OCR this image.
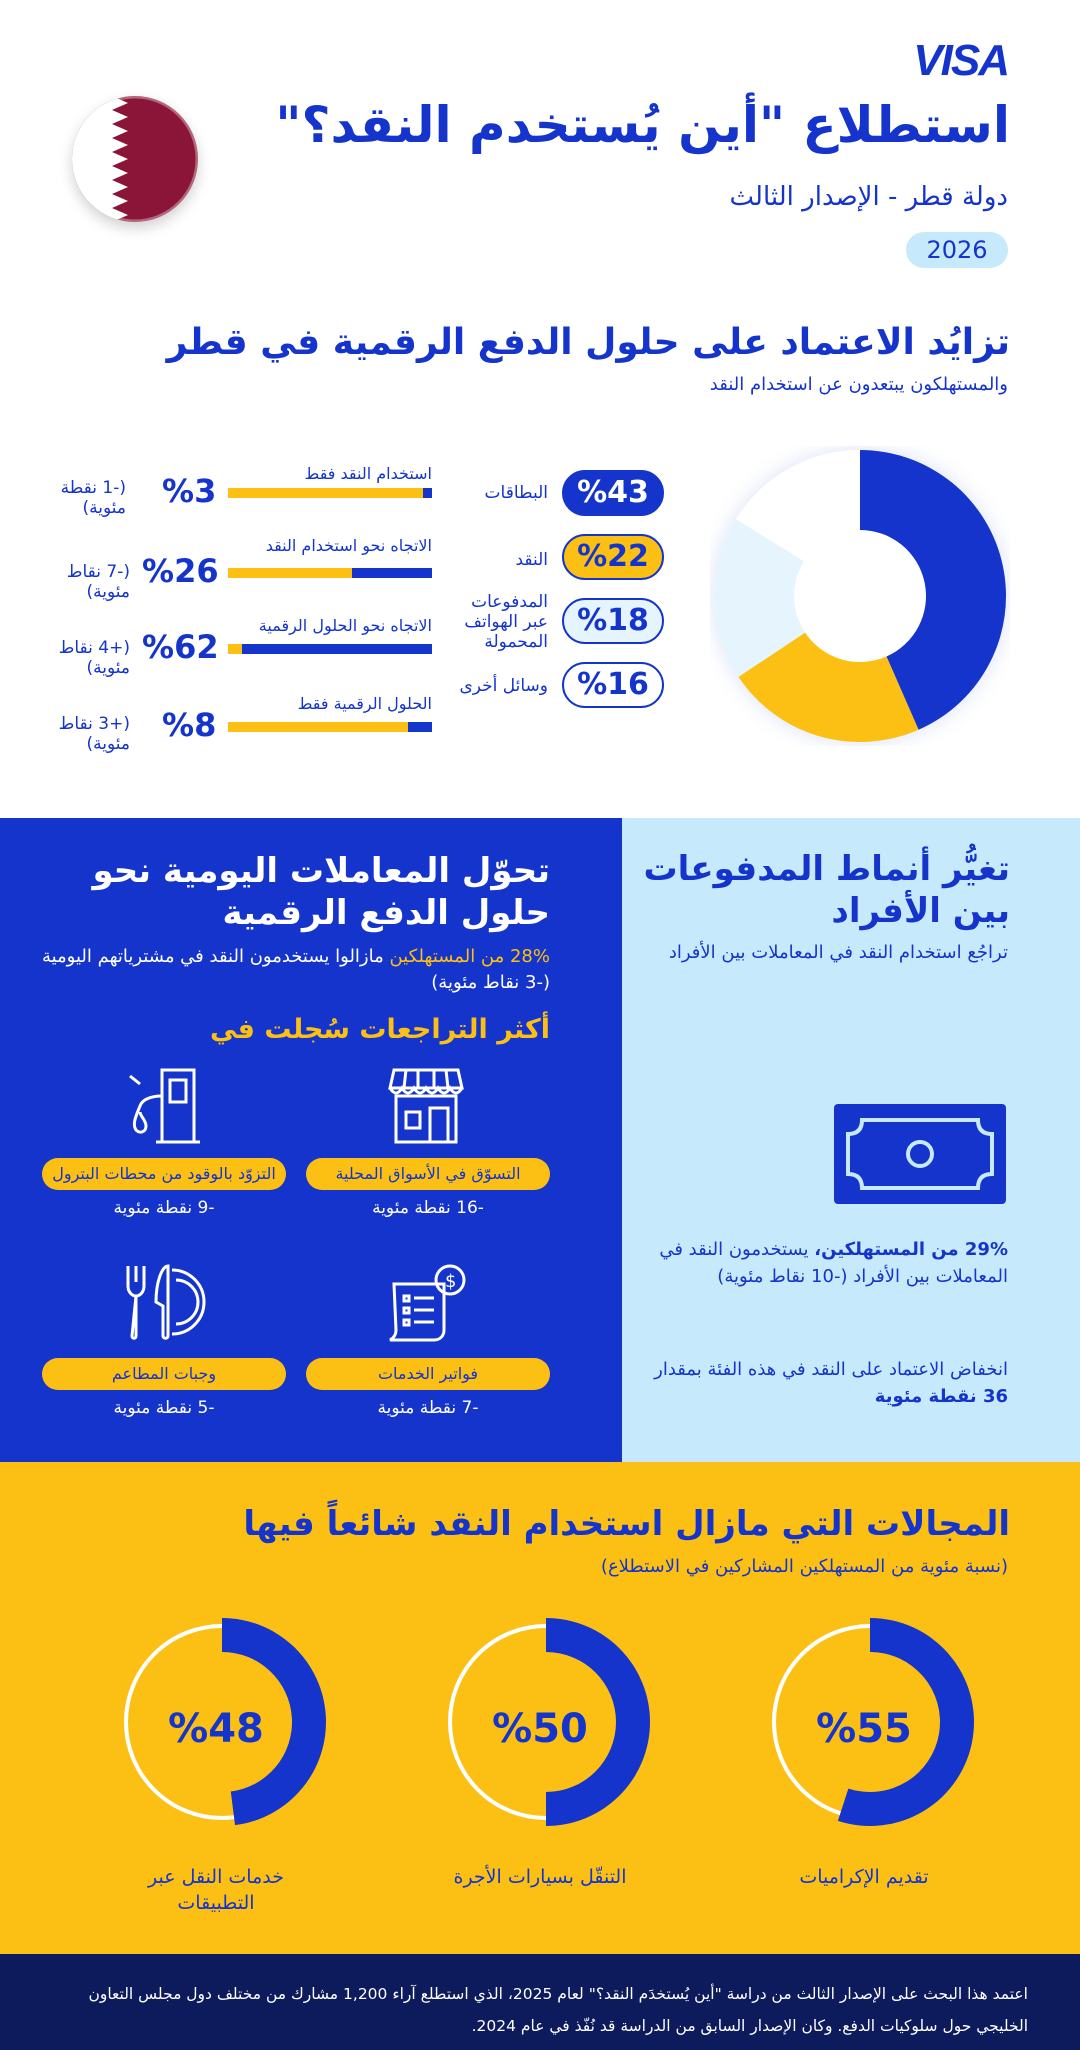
VISA
استطلاع "أين يُستخدم النقد؟"
دولة قطر - الإصدار الثالث
2026
تزايُد الاعتماد على حلول الدفع الرقمية في قطر
والمستهلكون يبتعدون عن استخدام النقد
%43
البطاقات
%22
النقد
%18
المدفوعات عبر الهواتف المحمولة
%16
وسائل أخرى
استخدام النقد فقط
%3
(-1 نقطة مئوية)
الاتجاه نحو استخدام النقد
%26
(-7 نقاط مئوية)
الاتجاه نحو الحلول الرقمية
%62
(+4 نقاط مئوية)
الحلول الرقمية فقط
%8
(+3 نقاط مئوية)
تحوّل المعاملات اليومية نحو حلول الدفع الرقمية
28% من المستهلكين مازالوا يستخدمون النقد في مشترياتهم اليومية (-3 نقاط مئوية)
أكثر التراجعات سُجلت في
التسوّق في الأسواق المحلية
-16 نقطة مئوية
التزوّد بالوقود من محطات البترول
-9 نقطة مئوية
$
فواتير الخدمات
-7 نقطة مئوية
وجبات المطاعم
-5 نقطة مئوية
تغيُّر أنماط المدفوعات بين الأفراد
تراجُع استخدام النقد في المعاملات بين الأفراد
29% من المستهلكين، يستخدمون النقد في المعاملات بين الأفراد (-10 نقاط مئوية)
انخفاض الاعتماد على النقد في هذه الفئة بمقدار 36 نقطة مئوية
المجالات التي مازال استخدام النقد شائعاً فيها
(نسبة مئوية من المستهلكين المشاركين في الاستطلاع)
%55
تقديم الإكراميات
%50
التنقّل بسيارات الأجرة
%48
خدمات النقل عبر التطبيقات
اعتمد هذا البحث على الإصدار الثالث من دراسة "أين يُستخدَم النقد؟" لعام 2025، الذي استطلع آراء 1,200 مشارك من مختلف دول مجلس التعاون الخليجي حول سلوكيات الدفع. وكان الإصدار السابق من الدراسة قد نُفّذ في عام 2024.
